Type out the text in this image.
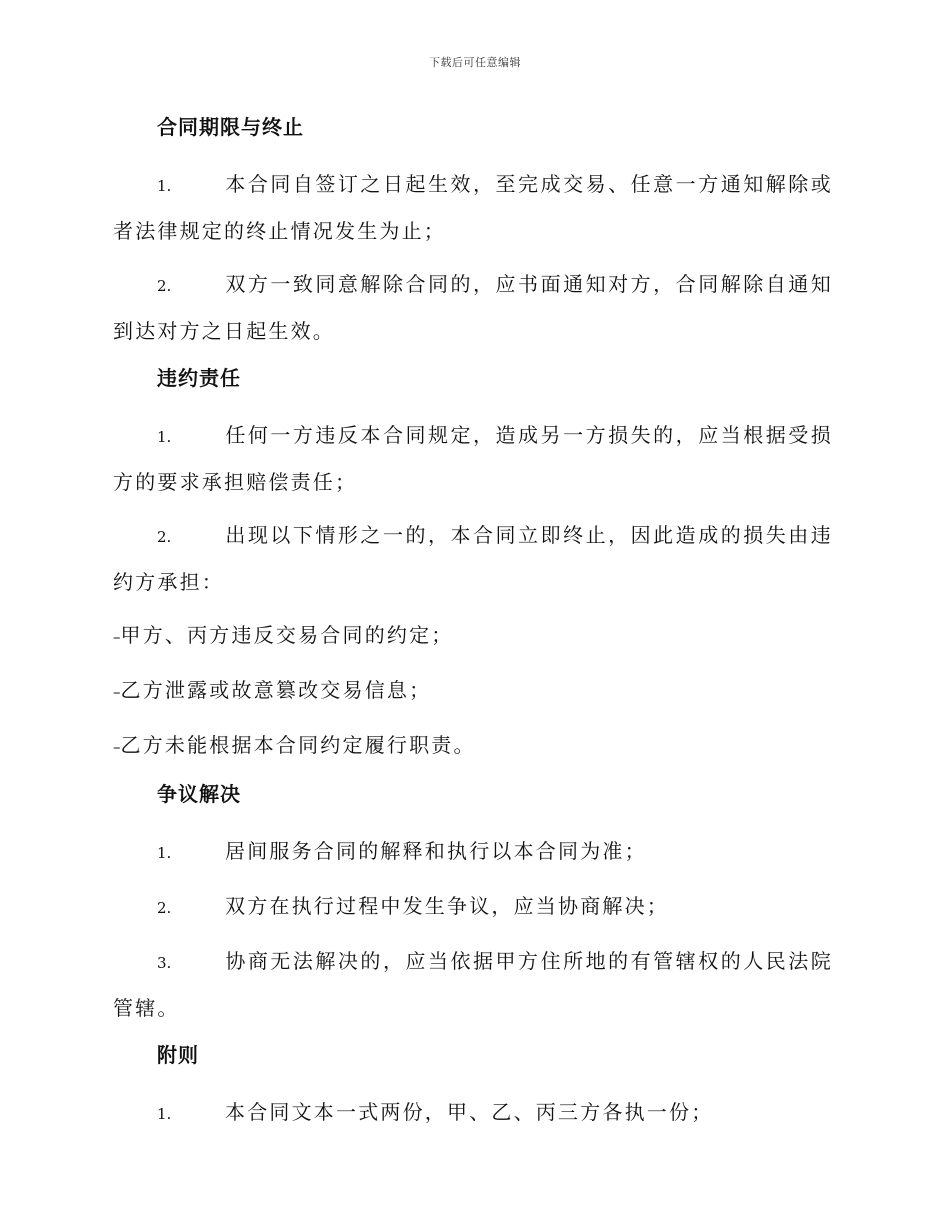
下载后可任意编辑
合同期限与终止
1.	本合同自签订之日起生效，至完成交易、任意一方通知解除或者法律规定的终止情况发生为止；
2.	双方一致同意解除合同的，应书面通知对方，合同解除自通知到达对方之日起生效。
违约责任
1.	任何一方违反本合同规定，造成另一方损失的，应当根据受损方的要求承担赔偿责任；
2.	出现以下情形之一的，本合同立即终止，因此造成的损失由违约方承担：
–甲方、丙方违反交易合同的约定；
–乙方泄露或故意篡改交易信息；
–乙方未能根据本合同约定履行职责。
争议解决
1.	居间服务合同的解释和执行以本合同为准；
2.	双方在执行过程中发生争议，应当协商解决；
3.	协商无法解决的，应当依据甲方住所地的有管辖权的人民法院管辖。
附则
1.	本合同文本一式两份，甲、乙、丙三方各执一份；
